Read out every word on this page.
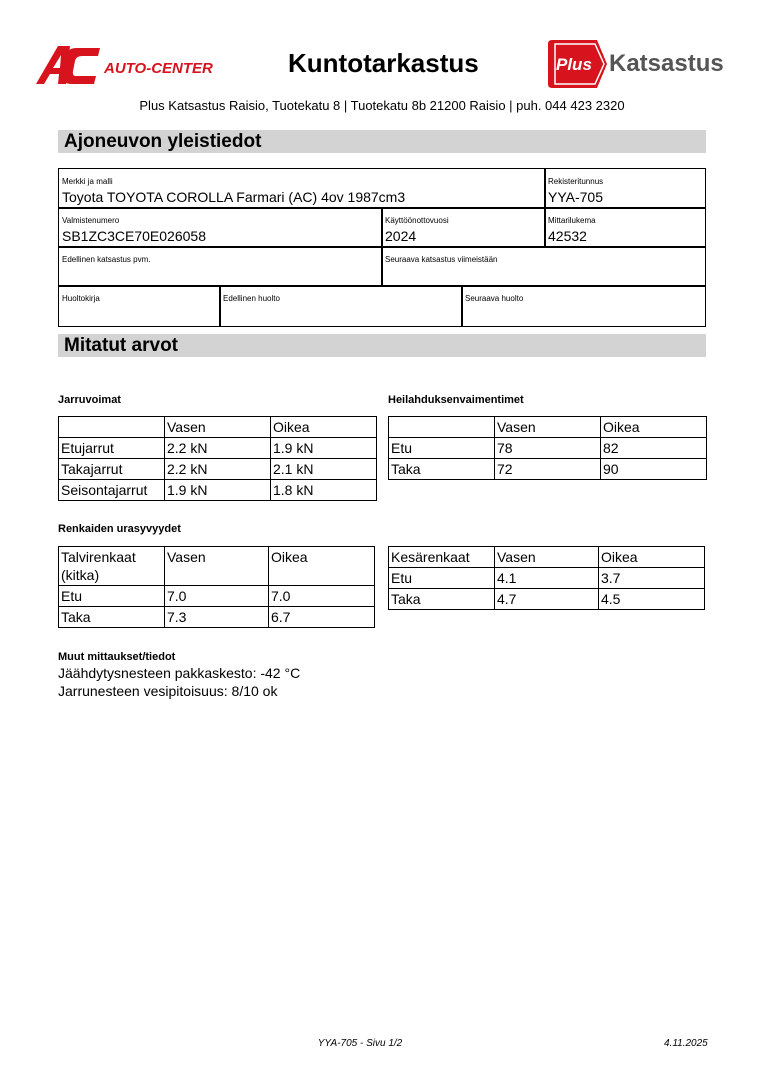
AUTO-CENTER	Kuntotarkastus	Plus Katsastus
Plus Katsastus Raisio, Tuotekatu 8 | Tuotekatu 8b 21200 Raisio | puh. 044 423 2320
Ajoneuvon yleistiedot
Merkki ja malli
Toyota TOYOTA COROLLA Farmari (AC) 4ov 1987cm3
Rekisteritunnus
YYA-705
Valmistenumero
SB1ZC3CE70E026058
Käyttöönottovuosi
2024
Mittarilukema
42532
Edellinen katsastus pvm.	Seuraava katsastus viimeistään
Huoltokirja	Edellinen huolto	Seuraava huolto
Mitatut arvot
Jarruvoimat
	Vasen	Oikea
Etujarrut	2.2 kN	1.9 kN
Takajarrut	2.2 kN	2.1 kN
Seisontajarrut	1.9 kN	1.8 kN
Heilahduksenvaimentimet
	Vasen	Oikea
Etu	78	82
Taka	72	90
Renkaiden urasyvyydet
Talvirenkaat (kitka)	Vasen	Oikea
Etu	7.0	7.0
Taka	7.3	6.7
Kesärenkaat	Vasen	Oikea
Etu	4.1	3.7
Taka	4.7	4.5
Muut mittaukset/tiedot
Jäähdytysnesteen pakkaskesto: -42 °C
Jarrunesteen vesipitoisuus: 8/10 ok
YYA-705 - Sivu 1/2	4.11.2025
